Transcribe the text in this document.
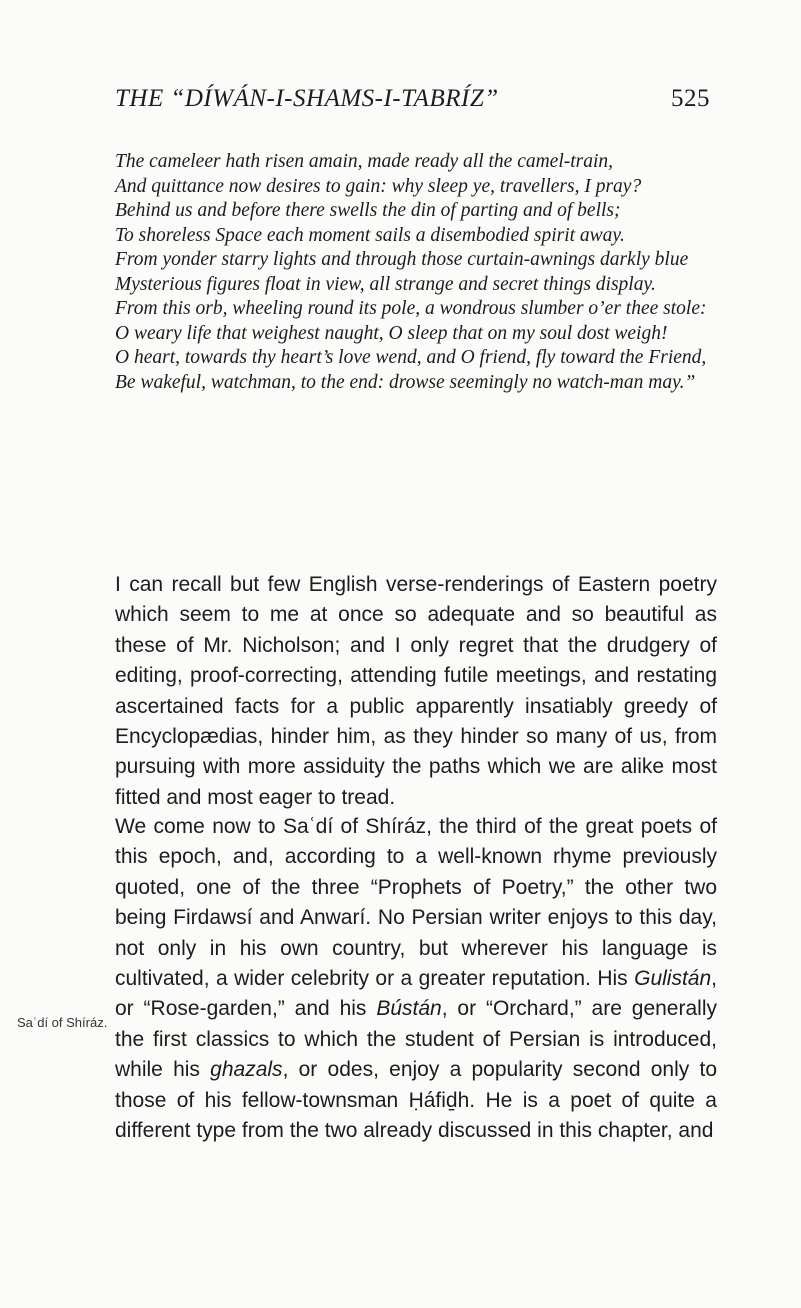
THE “DÍWÁN-I-SHAMS-I-TABRÍZ”	525
The cameleer hath risen amain, made ready all the camel-train,
And quittance now desires to gain: why sleep ye, travellers, I pray?
Behind us and before there swells the din of parting and of bells;
To shoreless Space each moment sails a disembodied spirit away.
From yonder starry lights and through those curtain-awnings darkly blue
Mysterious figures float in view, all strange and secret things display.
From this orb, wheeling round its pole, a wondrous slumber o’er thee stole:
O weary life that weighest naught, O sleep that on my soul dost weigh!
O heart, towards thy heart’s love wend, and O friend, fly toward the Friend,
Be wakeful, watchman, to the end: drowse seemingly no watch-man may.”
I can recall but few English verse-renderings of Eastern poetry which seem to me at once so adequate and so beautiful as these of Mr. Nicholson; and I only regret that the drudgery of editing, proof-correcting, attending futile meetings, and restating ascertained facts for a public apparently insatiably greedy of Encyclopædias, hinder him, as they hinder so many of us, from pursuing with more assiduity the paths which we are alike most fitted and most eager to tread.
Saʿdí of Shíráz.
We come now to Saʿdí of Shíráz, the third of the great poets of this epoch, and, according to a well-known rhyme previously quoted, one of the three “Prophets of Poetry,” the other two being Firdawsí and Anwarí. No Persian writer enjoys to this day, not only in his own country, but wherever his language is cultivated, a wider celebrity or a greater reputation. His Gulistán, or “Rose-garden,” and his Bústán, or “Orchard,” are generally the first classics to which the student of Persian is introduced, while his ghazals, or odes, enjoy a popularity second only to those of his fellow-townsman Ḥáfiḏh. He is a poet of quite a different type from the two already discussed in this chapter, and
